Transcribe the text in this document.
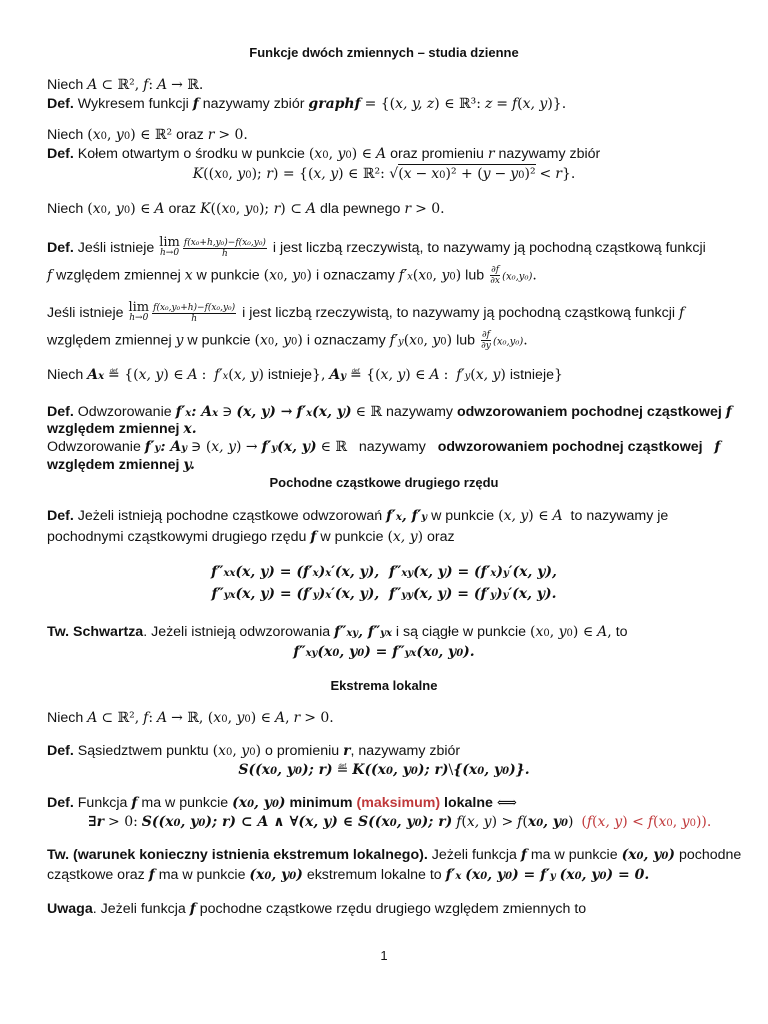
Funkcje dwóch zmiennych – studia dzienne
Niech A ⊂ ℝ², f: A → ℝ.
Def. Wykresem funkcji f nazywamy zbiór graphf = {(x, y, z) ∈ ℝ³: z = f(x, y)}.
Niech (x0, y0) ∈ ℝ² oraz r > 0.
Def. Kołem otwartym o środku w punkcie (x0, y0) ∈ A oraz promieniu r nazywamy zbiór
K((x0, y0); r) = {(x, y) ∈ ℝ²: √(x − x0)² + (y − y0)² < r}.
Niech (x0, y0) ∈ A oraz K((x0, y0); r) ⊂ A dla pewnego r > 0.
Def. Jeśli istnieje lim
$h\to 0 \frac{\text{f(x₀+h,y₀)−f(x₀,y₀)}}{h}$ i jest liczbą rzeczywistą, to nazywamy ją pochodną cząstkową funkcji
f względem zmiennej x w punkcie (x0, y0) i oznaczamy f′x(x0, y0) lub $\frac{\partial f}{\partial x} (x_0,y_0)$.
Jeśli istnieje lim
$h\to 0 \frac{\text{f(x₀,y₀+h)−f(x₀,y₀)}}{h}$ i jest liczbą rzeczywistą, to nazywamy ją pochodną cząstkową funkcji f
względem zmiennej y w punkcie (x0, y0) i oznaczamy f′y(x0, y0) lub $\frac{\partial f}{\partial y} (x_0,y_0)$.
Niech Ax ≝ {(x, y) ∈ A : f′x(x, y) istnieje}, Ay ≝ {(x, y) ∈ A : f′y(x, y) istnieje}
Def. Odwzorowanie f′x: Ax ∋ (x, y) → f′x(x, y) ∈ ℝ nazywamy odwzorowaniem pochodnej cząstkowej f
względem zmiennej x.
Odwzorowanie f′y: Ay ∋ (x, y) → f′y(x, y) ∈ ℝ nazywamy odwzorowaniem pochodnej cząstkowej f
względem zmiennej y.
Pochodne cząstkowe drugiego rzędu
Def. Jeżeli istnieją pochodne cząstkowe odwzorowań f′x, f′y w punkcie (x, y) ∈ A to nazywamy je
pochodnymi cząstkowymi drugiego rzędu f w punkcie (x, y) oraz
f″xx(x, y) = (f′x)x′(x, y),  f″xy(x, y) = (f′x)y′(x, y),
f″yx(x, y) = (f′y)x′(x, y),  f″yy(x, y) = (f′y)y′(x, y).
Tw. Schwartza. Jeżeli istnieją odwzorowania f″xy, f″yx i są ciągłe w punkcie (x0, y0) ∈ A, to
f″xy(x0, y0) = f″yx(x0, y0).
Ekstrema lokalne
Niech A ⊂ ℝ², f: A → ℝ, (x0, y0) ∈ A, r > 0.
Def. Sąsiedztwem punktu (x0, y0) o promieniu r, nazywamy zbiór
S((x0, y0); r) ≝ K((x0, y0); r)\{(x0, y0)}.
Def. Funkcja f ma w punkcie (x0, y0) minimum (maksimum) lokalne ⟺
∃r > 0: S((x0, y0); r) ⊂ A ∧ ∀(x, y) ∈ S((x0, y0); r) f(x, y) > f(x0, y0) (f(x, y) < f(x0, y0)).
Tw. (warunek konieczny istnienia ekstremum lokalnego). Jeżeli funkcja f ma w punkcie (x0, y0) pochodne
cząstkowe oraz f ma w punkcie (x0, y0) ekstremum lokalne to f′x (x0, y0) = f′y (x0, y0) = 0.
Uwaga. Jeżeli funkcja f pochodne cząstkowe rzędu drugiego względem zmiennych to
1
